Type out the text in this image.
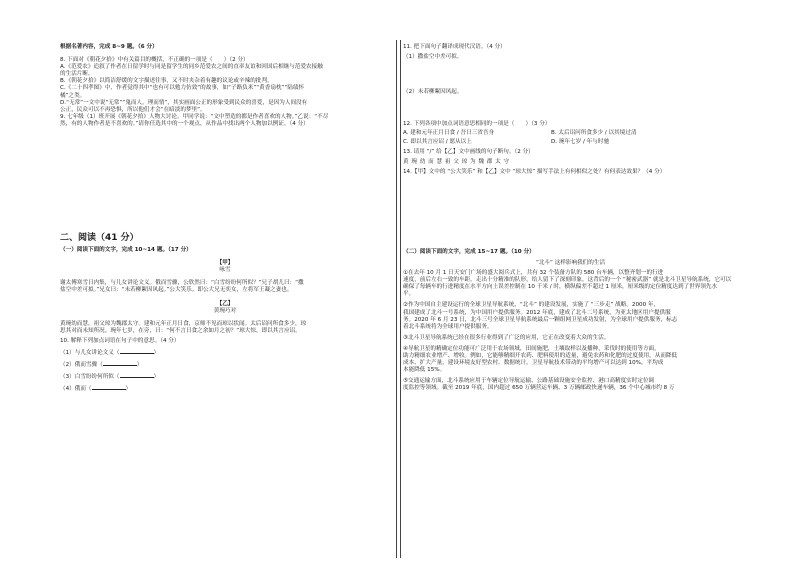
根据名著内容，完成 8~9 题。（6 分）

8. 下面对《朝花夕拾》中有关篇目的概括，不正确的一项是（　　）（2 分）

A.《范爱农》追叙了作者在日留学时与同是留学生的同乡范爱农之间的直率友谊和回国后相继与范爱农接触

的生活片断。

B.《朝花夕拾》以简洁舒缓的文字描述往事，又不时夹杂着有趣的议论或辛辣的批判。

C.《二十四孝图》中，作者觉得其中“也有可以勉力仿效”的故事，如“子路负米”“黄香扇枕”“陆绩怀

橘”之类。

D.“无常”一文中说“无常”“鬼而人，理而情”，其实画面公正的形象受到民众的喜爱，是因为人间没有

公正，民众可以不再恐惧，所以他们才会“在暗淡的梦里”。

9. 七年级（1）班开展《朝花夕拾》人物大讨论。甲同学说：“文中塑造的都是作者喜欢的人物。”乙说：“不尽

然，有的人物作者是不喜欢的。”请你任选其中的一个观点，从作品中找出两个人物加以例证。（4 分）

二、阅读（41 分）

（一）阅读下面的文字，完成 10~14 题。（17 分）

【甲】

咏雪

谢太傅寒雪日内集，与儿女讲论文义。俄而雪骤，公欣然曰：“白雪纷纷何所似？”兄子胡儿曰：“撒

盐空中差可拟。”兄女曰：“未若柳絮因风起。”公大笑乐。即公大兄无奕女，左将军王凝之妻也。

【乙】

黄琬巧对

黄琬幼而慧，祖父琼为魏郡太守。建和元年正月日食，京师不见而琼以状闻。太后诏问所食多少，琼

思其对而未知所况。琬年七岁，在旁，曰：“何不言日食之余如月之初？”琼大惊，即以其言应诏。

10. 解释下列加点词语在句子中的意思。（4 分）

（1）与儿女讲论文义（	）

（2）俄而雪骤（	）

（3）白雪纷纷何所似（	）

（4）俄而（	）

11. 把下面句子翻译成现代汉语。（4 分）

（1）撒盐空中差可拟。

（2）未若柳絮因风起。

12. 下列各项中加点词语意思相同的一项是（　　）（3 分）

A. 建和元年正月日食 / 吾日三省吾身	B. 太后诏问所食多少 / 以其境过清

C. 即以其言应诏 / 愿从以上	D. 琬年七岁 / 年与时驰

13. 请用 “/” 给【乙】文中画线的句子断句。（2 分）

黄 琬 幼 而 慧 祖 父 琼 为 魏 郡 太 守

14.【甲】文中的 “公大笑乐” 和【乙】文中 “琼大惊” 描写手法上有何相似之处？有何表达效果？（4 分）

（二）阅读下面的文字，完成 15~17 题。（10 分）

“北斗” 这样影响我们的生活

①在去年 10 月 1 日天安门广场的盛大阅兵式上，共有 32 个装备方队的 580 台车辆，以整齐划一的行进

速度，前后左右一致的车距，走出十分精准的队形，给人留下了深刻印象，这背后的一个 “秘密武器” 就是北斗卫星导航系统，它可以

确保了每辆车的行进精度在水平方向上误差控制在 10 千米 / 时，横纵偏差不超过 1 厘米，厘米级的定位精度达到了世界领先水

平。

②作为中国自主建设运行的全球卫星导航系统，“北斗” 的建设发展，实施了 “三步走” 战略。2000 年，

我国建成了北斗一号系统，为中国用户提供服务。2012 年底，建成了北斗二号系统，为亚太地区用户提供服

务。2020 年 6 月 23 日，北斗三号全球卫星导航系统最后一颗组网卫星成功发射，为全球用户提供服务，标志

着北斗系统将为全球用户提供服务。

③北斗卫星导航系统已经在很多行业得到了广泛的应用，它正在改变着大众的生活。

④导航卫星的精确定位功能可广泛用于农场领域，田间施肥，土壤取样以及播种，采伐时的使用等方面，

助力精细农业增产、增收。例如，它能够精细开农药、肥料使用的适量，避免农药和化肥的过度使用，从而降低

成本、扩大产量，建设环境友好型农村。数据统计，卫星导航技术带动的平均增产可以达到 10%，平均成

本能降低 15%。

⑤交通运输方面，北斗系统应用于车辆定位导航运输、公路基础设施安全监控、港口高精度实时定位调

度监控等领域。截至 2019 年底，国内超过 650 万辆营运车辆、3 万辆邮政快递车辆，36 个中心城市约 8 万
